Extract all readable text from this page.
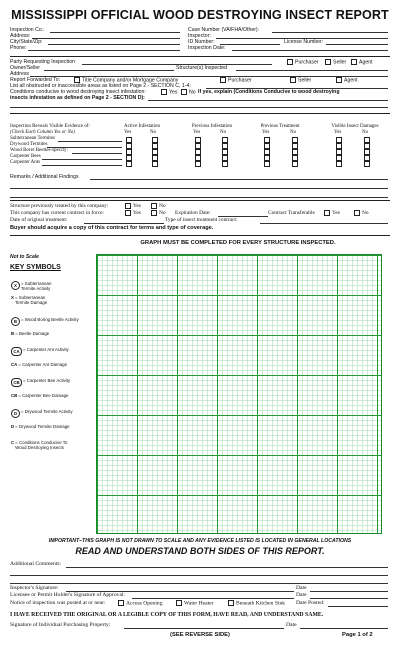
MISSISSIPPI OFFICIAL WOOD DESTROYING INSECT REPORT
Inspection Co.:
Address:
City/State/Zip:
Phone:
Case Number (VA/FHA/Other):
Inspector:
ID Number:	License Number:
Inspection Date:
Party Requesting Inspection	Purchaser	Seller	Agent
Owner/Seller	Structure(s) Inspected
Address
Report Forwarded To:	Title Company and/or Mortgage Company	Purchaser	Seller	Agent
List all obstructed or inaccessible areas as listed on Page 2 - SECTION C, 1-4:
Conditions conducive to wood destroying insect infestation:	Yes	No If yes, explain (Conditions Conducive to wood destroying
insects infestation as defined on Page 2 - SECTION D):
Inspection Reveals Visible Evidence of:
(Check Each Column Yes or No)
Active Infestation	Previous Infestation	Previous Treatment	Visible Insect Damages
Yes	No	Yes	No	Yes	No	Yes	No
Subterranean Termites
Drywood Termites
Wood Borer Beetles-specify:
Carpenter Bees
Carpenter Ants
Remarks / Additional Findings
Structure previously treated by this company:	Yes	No
This company has current contract in force:	Yes	No Expiration Date:	Contract Transferable	Yes	No
Date of original treatment:	Type of insect treatment contract:
Buyer should acquire a copy of this contract for terms and type of coverage.
GRAPH MUST BE COMPLETED FOR EVERY STRUCTURE INSPECTED.
Not to Scale
KEY SYMBOLS
X = Subterranean
Termite Activity
X= Subterranean
Termite Damage
B = Wood Boring Beetle Activity
B= Beetle Damage
CA = Carpenter Ant Activity
CA= Carpenter Ant Damage
CB = Carpenter Bee Activity
CB= Carpenter Bee Damage
D = Drywood Termite Activity
D= Drywood Termite Damage
C= Conditions Conducive To
Wood Destroying Insects
IMPORTANT–THIS GRAPH IS NOT DRAWN TO SCALE AND ANY EVIDENCE LISTED IS LOCATED IN GENERAL LOCATIONS
READ AND UNDERSTAND BOTH SIDES OF THIS REPORT.
Additional Comments:
Inspector's Signature:	Date
Licensee or Permit Holder's Signature of Approval:	Date
Notice of inspection was posted at or near:	Access Opening	Water Heater	Beneath Kitchen Sink Date Posted:
I HAVE RECEIVED THE ORIGINAL OR A LEGIBLE COPY OF THIS FORM, HAVE READ, AND UNDERSTAND SAME.
Signature of Individual Purchasing Property:	Date
(SEE REVERSE SIDE)	Page 1 of 2
